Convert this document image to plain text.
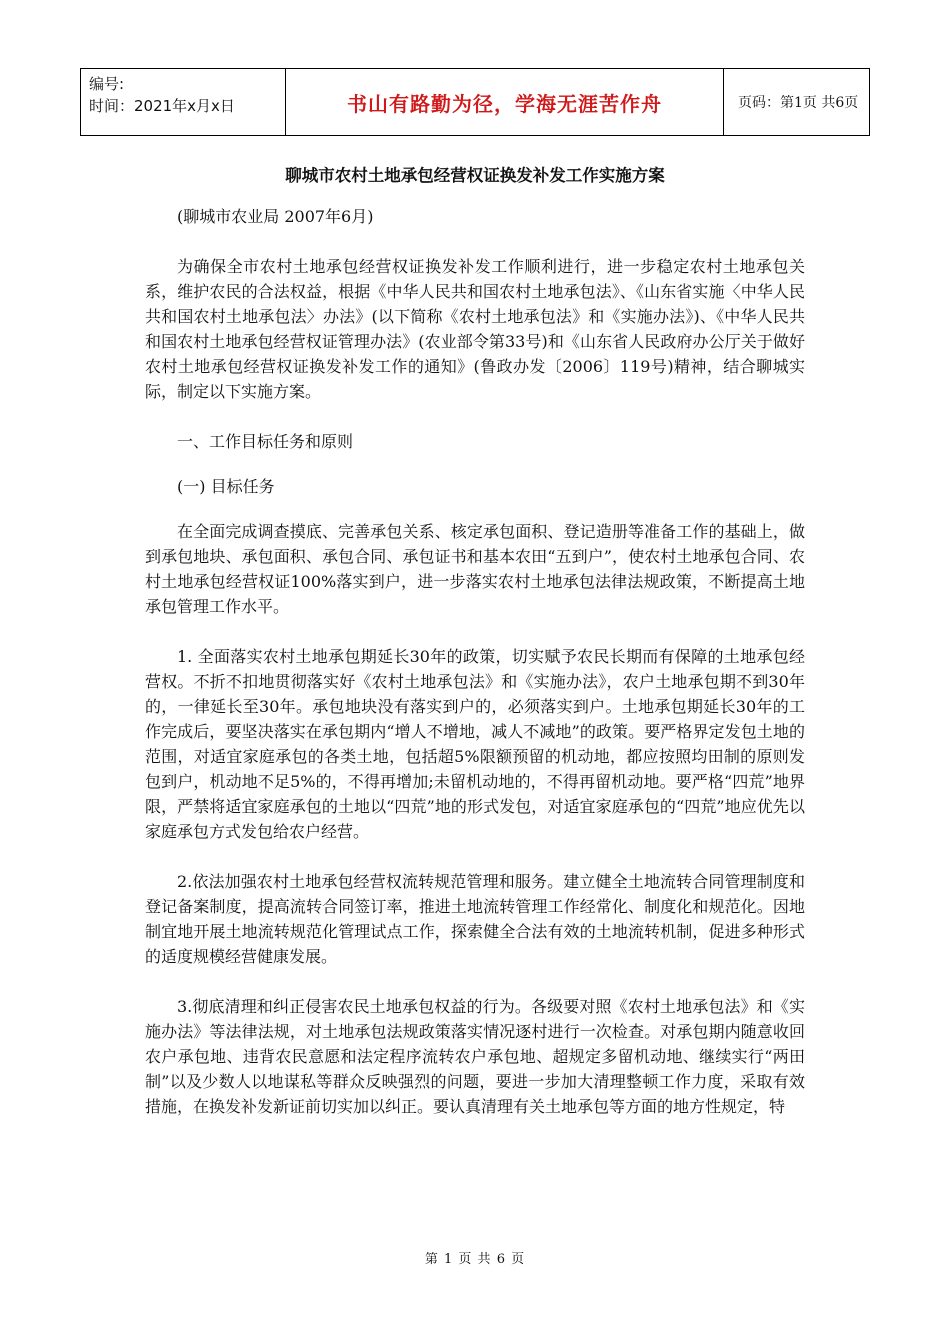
编号:
时间：2021年x月x日	书山有路勤为径，学海无涯苦作舟	页码：第1页 共6页
聊城市农村土地承包经营权证换发补发工作实施方案

(聊城市农业局 2007年6月)

为确保全市农村土地承包经营权证换发补发工作顺利进行，进一步稳定农村土地承包关系，维护农民的合法权益，根据《中华人民共和国农村土地承包法》、《山东省实施〈中华人民共和国农村土地承包法〉办法》(以下简称《农村土地承包法》和《实施办法》)、《中华人民共和国农村土地承包经营权证管理办法》(农业部令第33号)和《山东省人民政府办公厅关于做好农村土地承包经营权证换发补发工作的通知》(鲁政办发〔2006〕119号)精神，结合聊城实际，制定以下实施方案。

一、工作目标任务和原则

(一) 目标任务

在全面完成调查摸底、完善承包关系、核定承包面积、登记造册等准备工作的基础上，做到承包地块、承包面积、承包合同、承包证书和基本农田“五到户”，使农村土地承包合同、农村土地承包经营权证100%落实到户，进一步落实农村土地承包法律法规政策，不断提高土地承包管理工作水平。

1. 全面落实农村土地承包期延长30年的政策，切实赋予农民长期而有保障的土地承包经营权。不折不扣地贯彻落实好《农村土地承包法》和《实施办法》，农户土地承包期不到30年的，一律延长至30年。承包地块没有落实到户的，必须落实到户。土地承包期延长30年的工作完成后，要坚决落实在承包期内“增人不增地，减人不减地”的政策。要严格界定发包土地的范围，对适宜家庭承包的各类土地，包括超5%限额预留的机动地，都应按照均田制的原则发包到户，机动地不足5%的，不得再增加;未留机动地的，不得再留机动地。要严格“四荒”地界限，严禁将适宜家庭承包的土地以“四荒”地的形式发包，对适宜家庭承包的“四荒”地应优先以家庭承包方式发包给农户经营。

2.依法加强农村土地承包经营权流转规范管理和服务。建立健全土地流转合同管理制度和登记备案制度，提高流转合同签订率，推进土地流转管理工作经常化、制度化和规范化。因地制宜地开展土地流转规范化管理试点工作，探索健全合法有效的土地流转机制，促进多种形式的适度规模经营健康发展。

3.彻底清理和纠正侵害农民土地承包权益的行为。各级要对照《农村土地承包法》和《实施办法》等法律法规，对土地承包法规政策落实情况逐村进行一次检查。对承包期内随意收回农户承包地、违背农民意愿和法定程序流转农户承包地、超规定多留机动地、继续实行“两田制”以及少数人以地谋私等群众反映强烈的问题，要进一步加大清理整顿工作力度，采取有效措施，在换发补发新证前切实加以纠正。要认真清理有关土地承包等方面的地方性规定，特

第 1 页 共 6 页
